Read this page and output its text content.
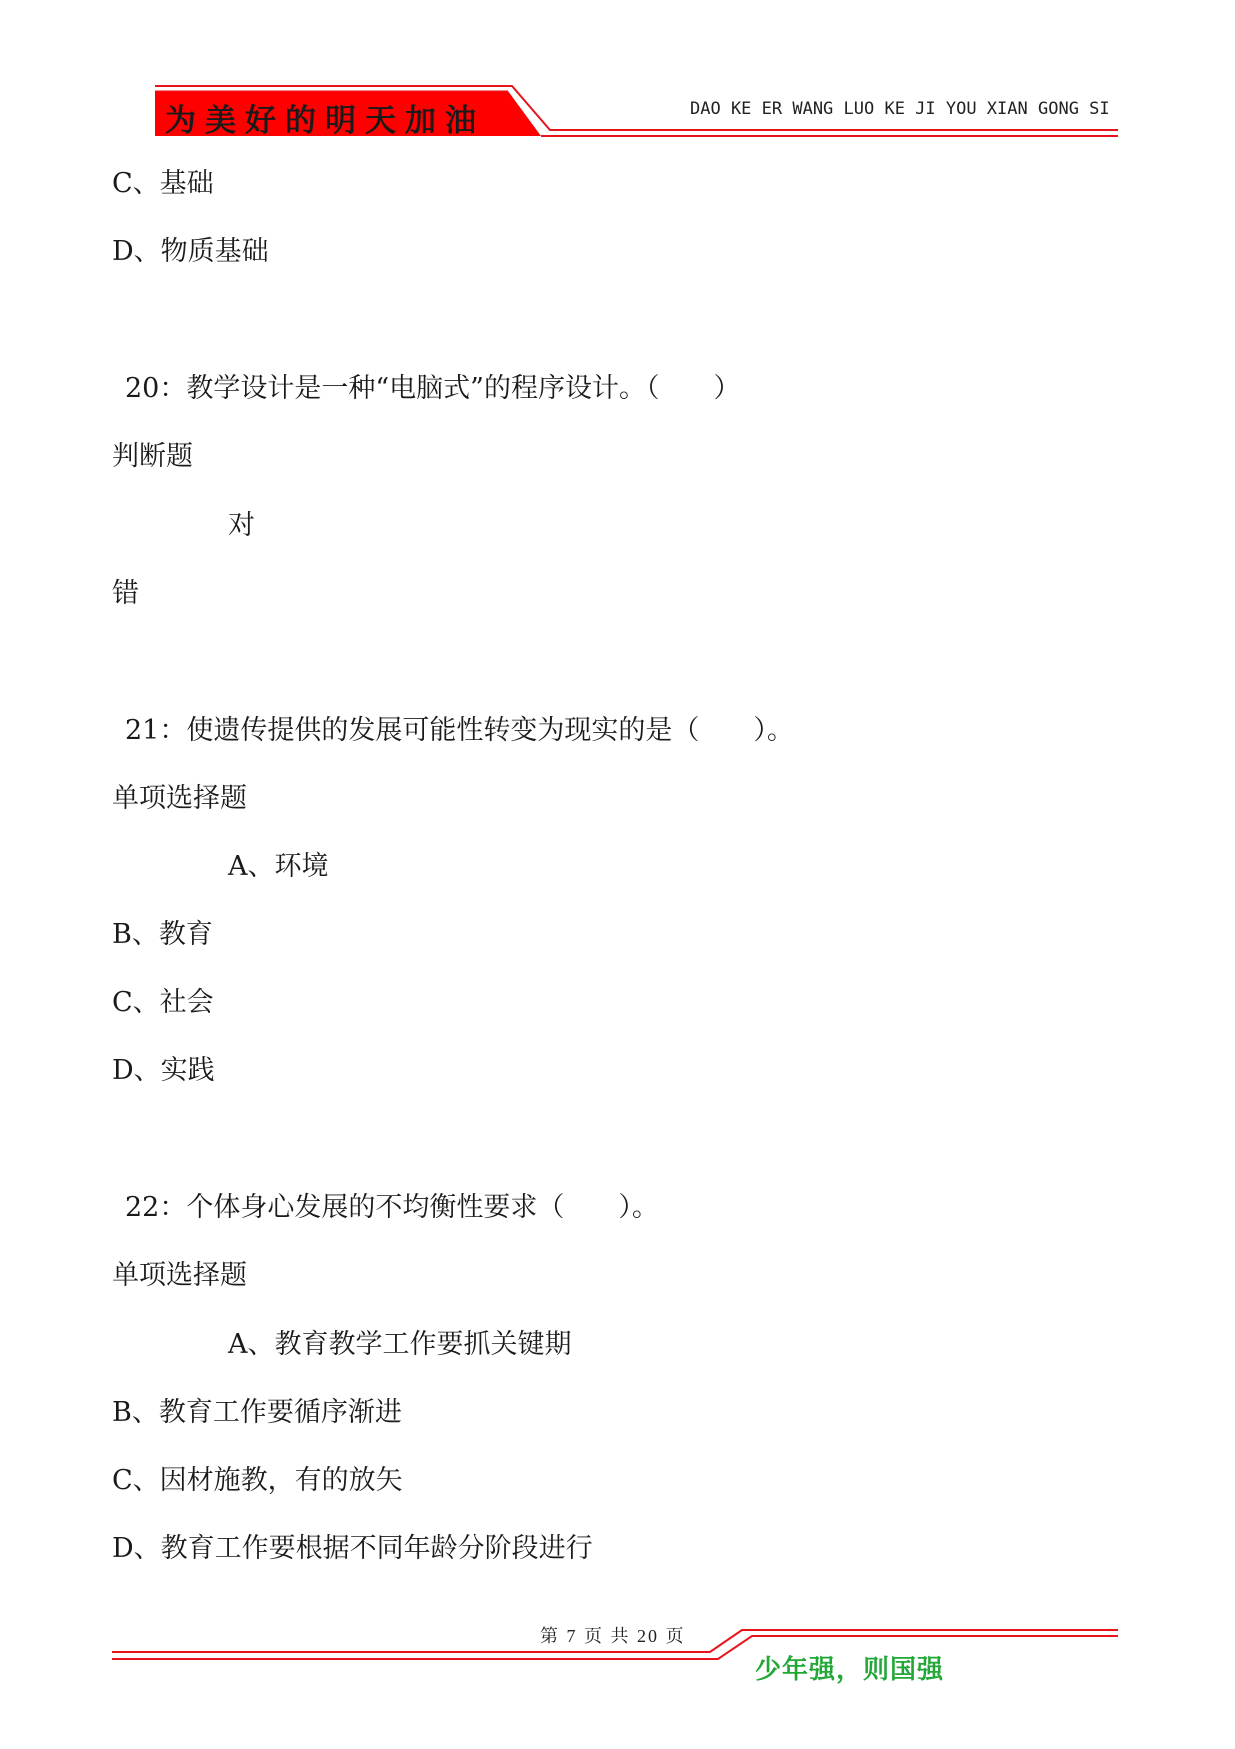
为美好的明天加油	DAO KE ER WANG LUO KE JI YOU XIAN GONG SI
C、基础
D、物质基础
20：教学设计是一种“电脑式”的程序设计。（　　）
判断题
对
错
21：使遗传提供的发展可能性转变为现实的是（　　）。
单项选择题
A、环境
B、教育
C、社会
D、实践
22：个体身心发展的不均衡性要求（　　）。
单项选择题
A、教育教学工作要抓关键期
B、教育工作要循序渐进
C、因材施教，有的放矢
D、教育工作要根据不同年龄分阶段进行
第 7 页 共 20 页
少年强，则国强
